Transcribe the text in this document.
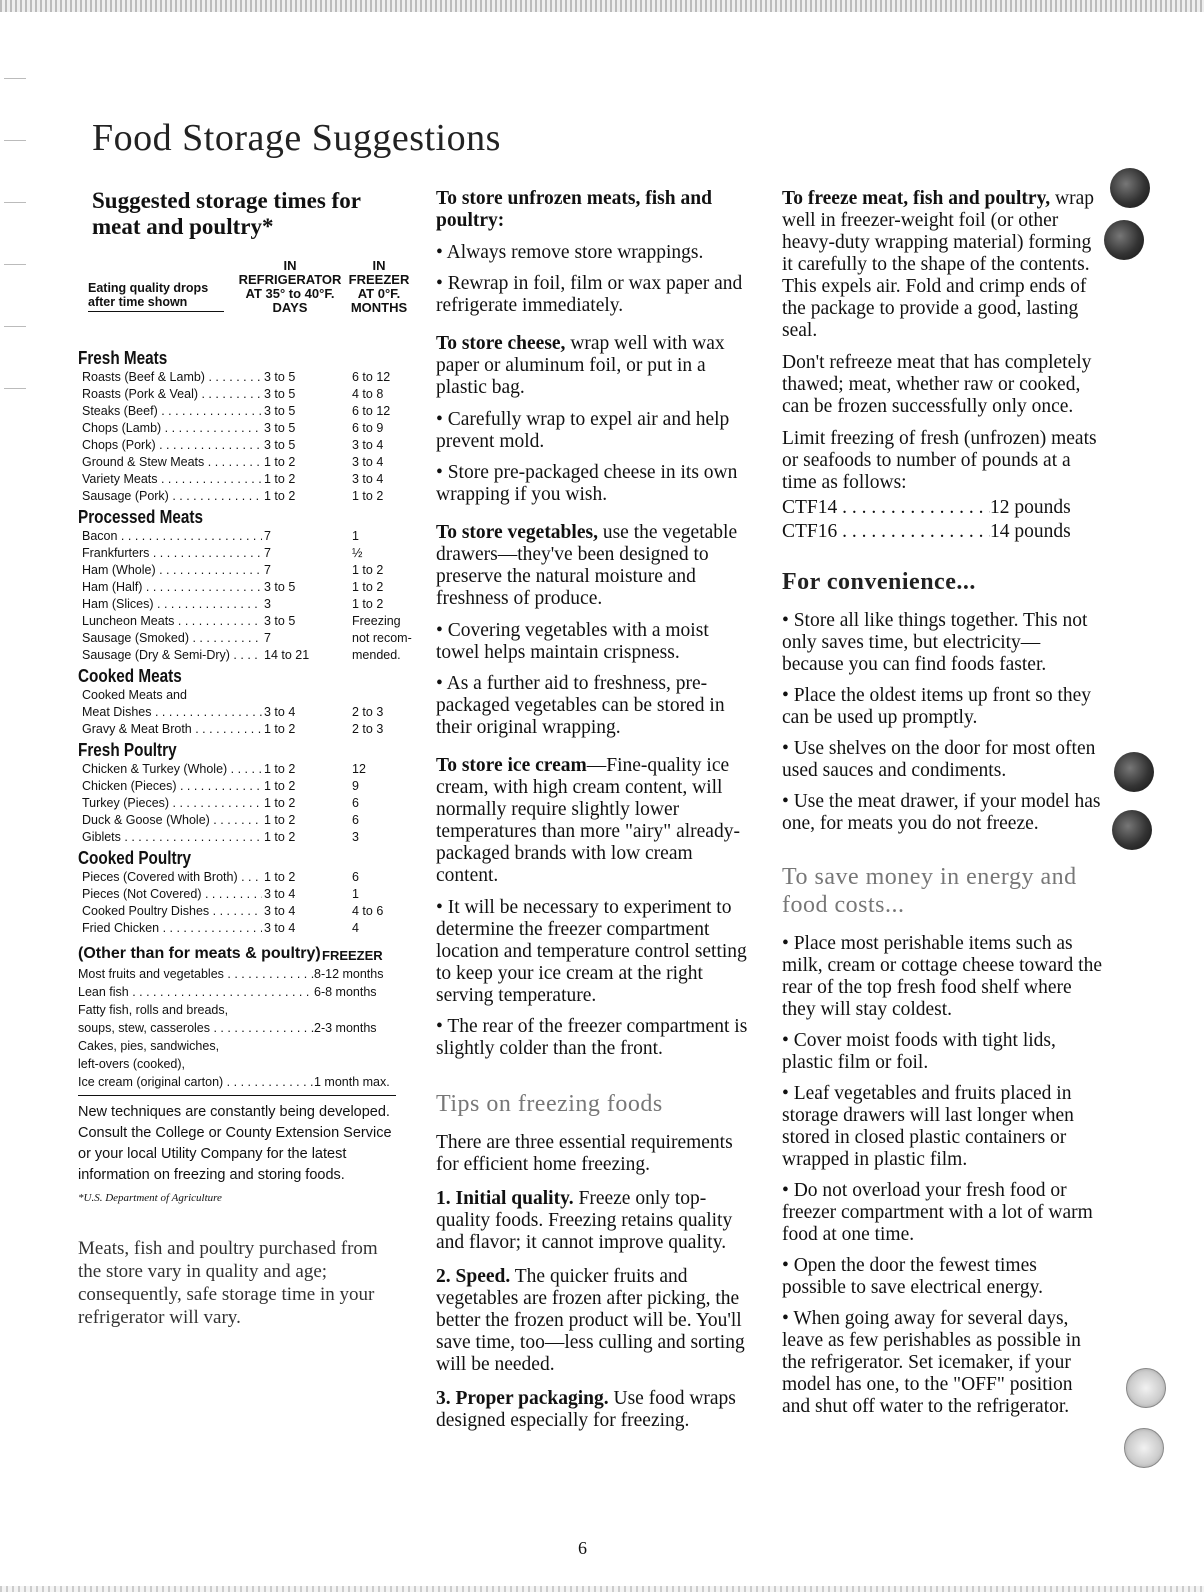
Food Storage Suggestions
Suggested storage times for meat and poultry*
Eating quality drops after time shown
IN REFRIGERATOR AT 35° to 40°F. DAYS
IN FREEZER AT 0°F. MONTHS
Fresh Meats
Roasts (Beef & Lamb) . . .	3 to 5	6 to 12
Roasts (Pork & Veal) . . .	3 to 5	4 to 8
Steaks (Beef) . . .	3 to 5	6 to 12
Chops (Lamb) . . .	3 to 5	6 to 9
Chops (Pork) . . .	3 to 5	3 to 4
Ground & Stew Meats . . .	1 to 2	3 to 4
Variety Meats . . .	1 to 2	3 to 4
Sausage (Pork) . . .	1 to 2	1 to 2
Processed Meats
Bacon . . .	7	1
Frankfurters . . .	7	½
Ham (Whole) . . .	7	1 to 2
Ham (Half) . . .	3 to 5	1 to 2
Ham (Slices) . . .	3	1 to 2
Luncheon Meats . . .	3 to 5	Freezing
Sausage (Smoked) . . .	7	not recom-
Sausage (Dry & Semi-Dry) . . .	14 to 21	mended.
Cooked Meats
Cooked Meats and
Meat Dishes . . .	3 to 4	2 to 3
Gravy & Meat Broth . . .	1 to 2	2 to 3
Fresh Poultry
Chicken & Turkey (Whole) . . .	1 to 2	12
Chicken (Pieces) . . .	1 to 2	9
Turkey (Pieces) . . .	1 to 2	6
Duck & Goose (Whole) . . .	1 to 2	6
Giblets . . .	1 to 2	3
Cooked Poultry
Pieces (Covered with Broth) . . .	1 to 2	6
Pieces (Not Covered) . . .	3 to 4	1
Cooked Poultry Dishes . . .	3 to 4	4 to 6
Fried Chicken . . .	3 to 4	4
(Other than for meats & poultry) FREEZER
Most fruits and vegetables . . .	8-12 months
Lean fish . . .	6-8 months
Fatty fish, rolls and breads,
soups, stew, casseroles . . .	2-3 months
Cakes, pies, sandwiches,
left-overs (cooked),
Ice cream (original carton) . . .	1 month max.
New techniques are constantly being developed. Consult the College or County Extension Service or your local Utility Company for the latest information on freezing and storing foods.
*U.S. Department of Agriculture
Meats, fish and poultry purchased from the store vary in quality and age; consequently, safe storage time in your refrigerator will vary.

To store unfrozen meats, fish and poultry:

• Always remove store wrappings.
• Rewrap in foil, film or wax paper and refrigerate immediately.

To store cheese, wrap well with wax paper or aluminum foil, or put in a plastic bag.

• Carefully wrap to expel air and help prevent mold.
• Store pre-packaged cheese in its own wrapping if you wish.

To store vegetables, use the vegetable drawers—they've been designed to preserve the natural moisture and freshness of produce.

• Covering vegetables with a moist towel helps maintain crispness.
• As a further aid to freshness, pre-packaged vegetables can be stored in their original wrapping.

To store ice cream—Fine-quality ice cream, with high cream content, will normally require slightly lower temperatures than more "airy" already-packaged brands with low cream content.

• It will be necessary to experiment to determine the freezer compartment location and temperature control setting to keep your ice cream at the right serving temperature.
• The rear of the freezer compartment is slightly colder than the front.
Tips on freezing foods

There are three essential requirements for efficient home freezing.

1. Initial quality. Freeze only top-quality foods. Freezing retains quality and flavor; it cannot improve quality.

2. Speed. The quicker fruits and vegetables are frozen after picking, the better the frozen product will be. You'll save time, too—less culling and sorting will be needed.

3. Proper packaging. Use food wraps designed especially for freezing.

To freeze meat, fish and poultry, wrap well in freezer-weight foil (or other heavy-duty wrapping material) forming it carefully to the shape of the contents. This expels air. Fold and crimp ends of the package to provide a good, lasting seal.

Don't refreeze meat that has completely thawed; meat, whether raw or cooked, can be frozen successfully only once.

Limit freezing of fresh (unfrozen) meats or seafoods to number of pounds at a time as follows:

CTF14 . . .	12 pounds
CTF16 . . .	14 pounds
For convenience...
• Store all like things together. This not only saves time, but electricity—because you can find foods faster.
• Place the oldest items up front so they can be used up promptly.
• Use shelves on the door for most often used sauces and condiments.
• Use the meat drawer, if your model has one, for meats you do not freeze.
To save money in energy and food costs...
• Place most perishable items such as milk, cream or cottage cheese toward the rear of the top fresh food shelf where they will stay coldest.
• Cover moist foods with tight lids, plastic film or foil.
• Leaf vegetables and fruits placed in storage drawers will last longer when stored in closed plastic containers or wrapped in plastic film.
• Do not overload your fresh food or freezer compartment with a lot of warm food at one time.
• Open the door the fewest times possible to save electrical energy.
• When going away for several days, leave as few perishables as possible in the refrigerator. Set icemaker, if your model has one, to the "OFF" position and shut off water to the refrigerator.
6
